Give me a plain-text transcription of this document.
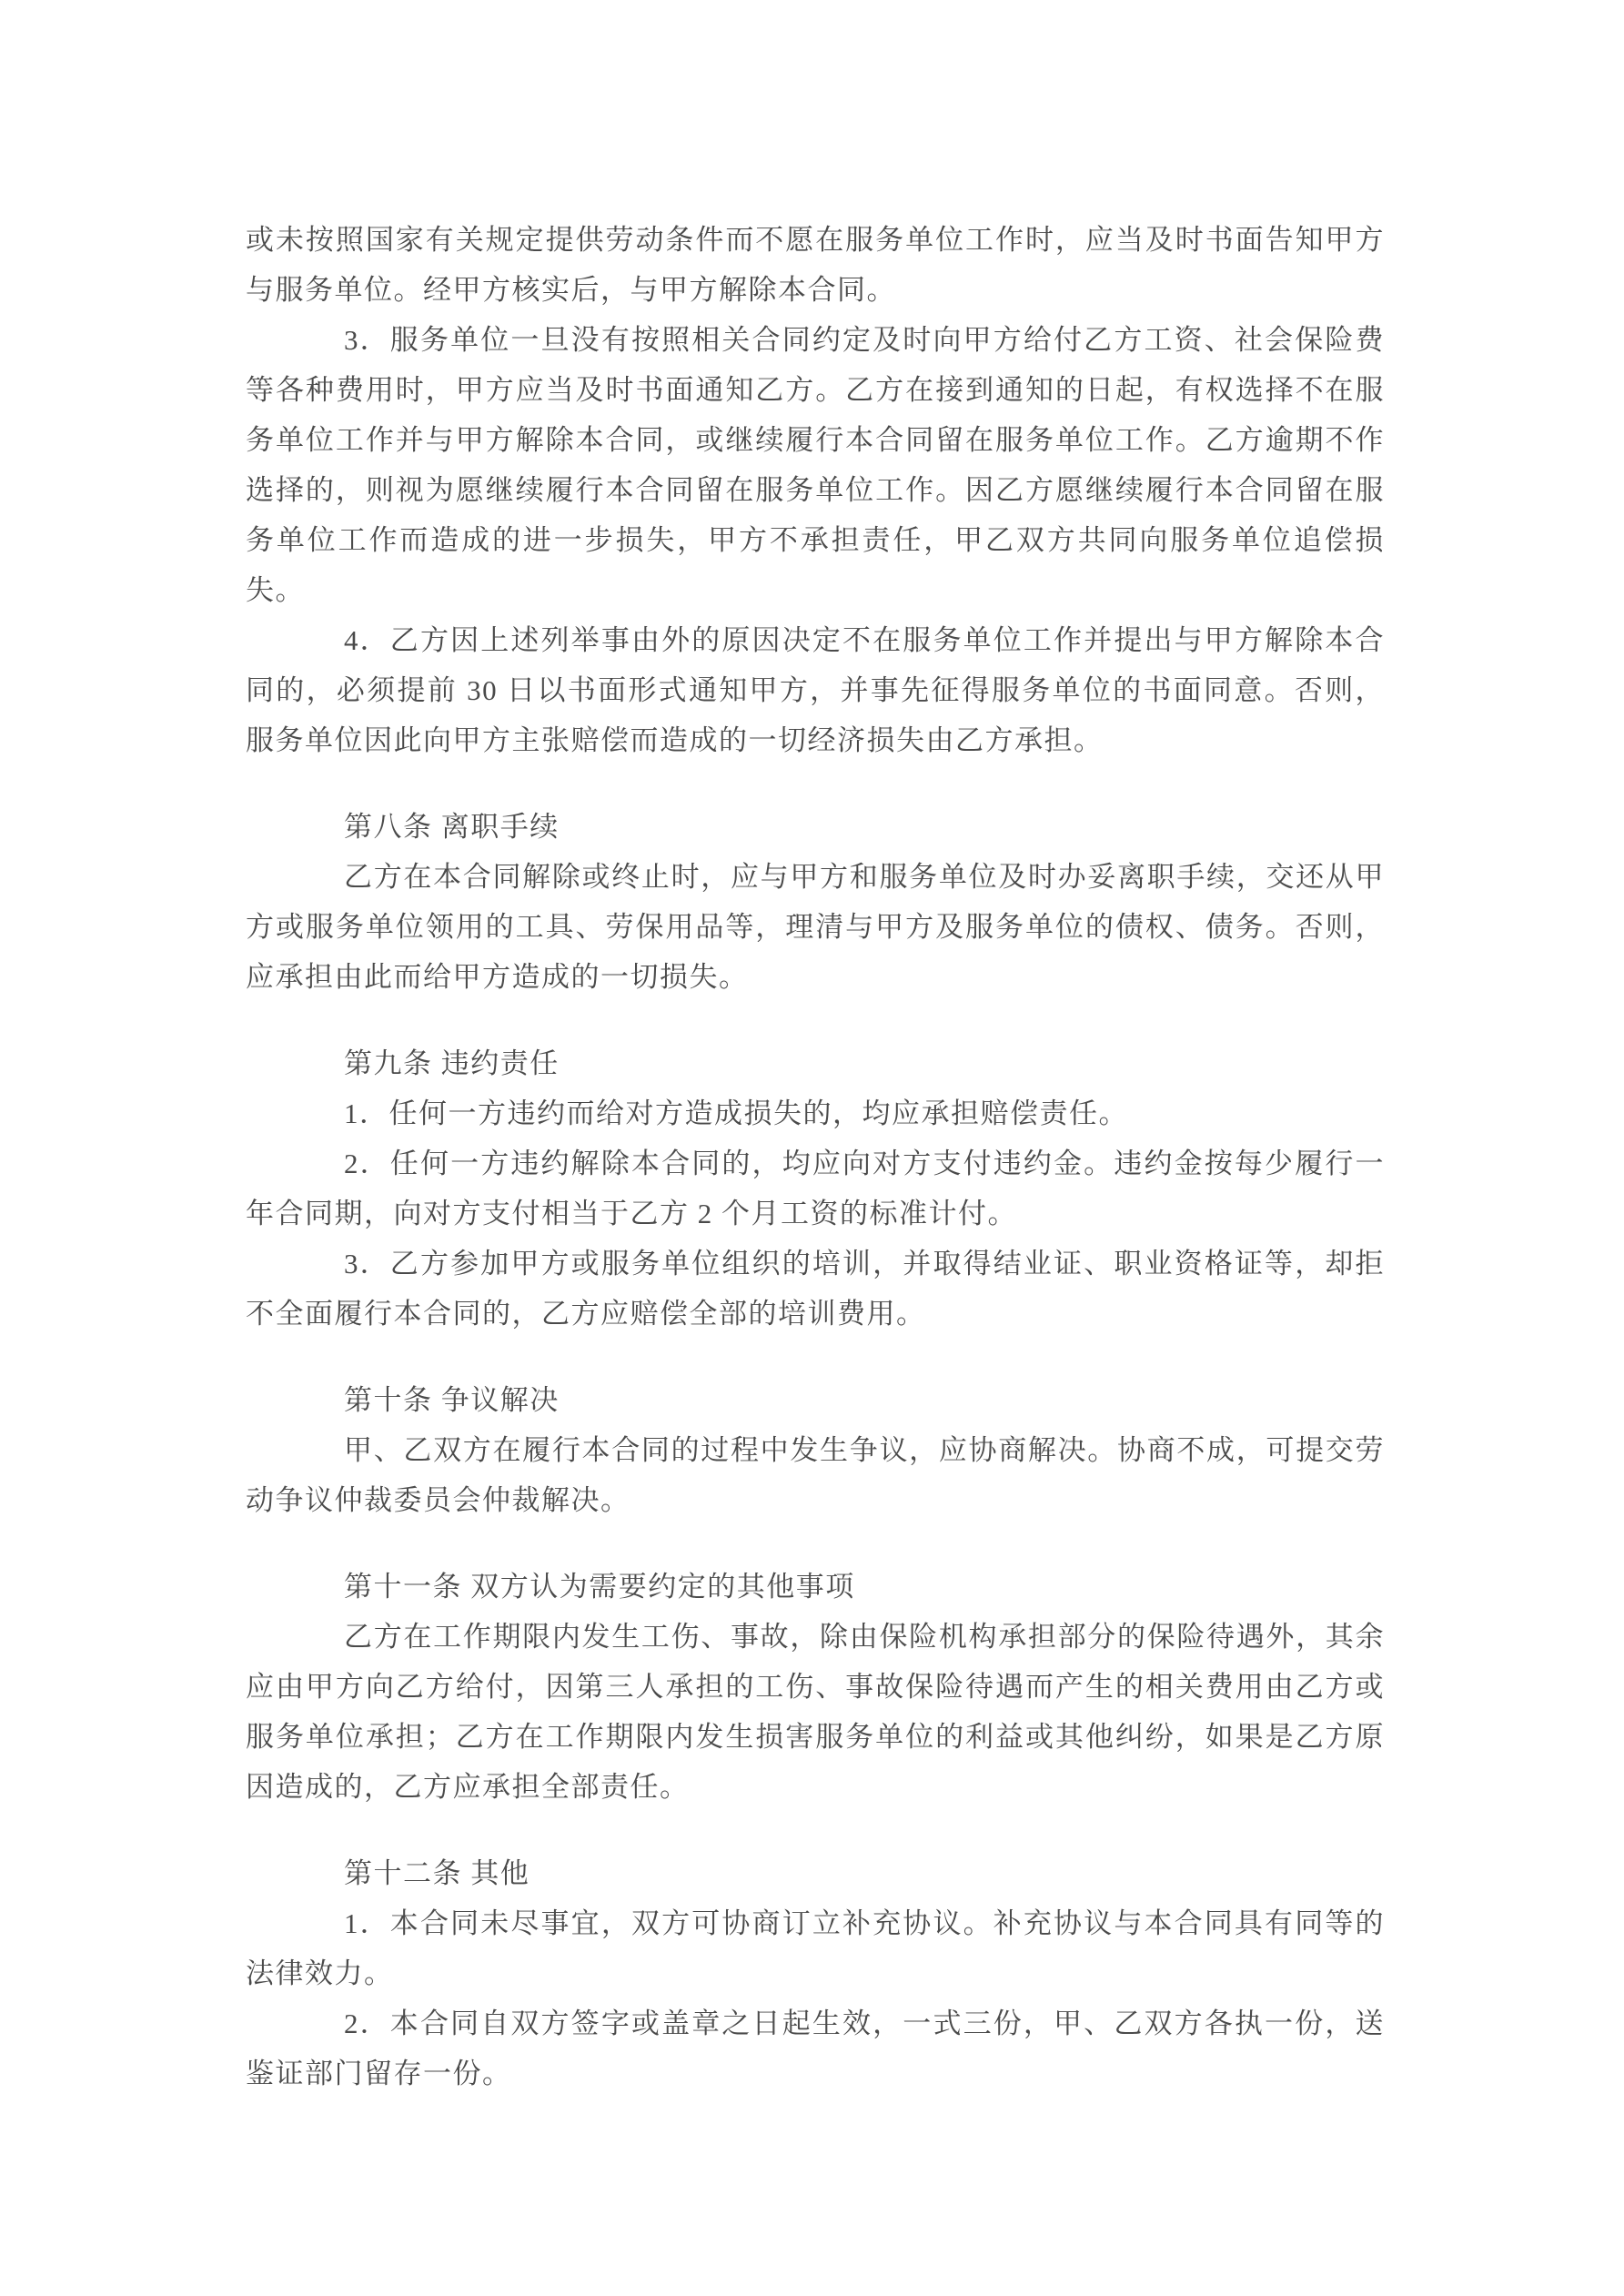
或未按照国家有关规定提供劳动条件而不愿在服务单位工作时，应当及时书面告知甲方与服务单位。经甲方核实后，与甲方解除本合同。

3．服务单位一旦没有按照相关合同约定及时向甲方给付乙方工资、社会保险费等各种费用时，甲方应当及时书面通知乙方。乙方在接到通知的日起，有权选择不在服务单位工作并与甲方解除本合同，或继续履行本合同留在服务单位工作。乙方逾期不作选择的，则视为愿继续履行本合同留在服务单位工作。因乙方愿继续履行本合同留在服务单位工作而造成的进一步损失，甲方不承担责任，甲乙双方共同向服务单位追偿损失。

4．乙方因上述列举事由外的原因决定不在服务单位工作并提出与甲方解除本合同的，必须提前 30 日以书面形式通知甲方，并事先征得服务单位的书面同意。否则，服务单位因此向甲方主张赔偿而造成的一切经济损失由乙方承担。

第八条 离职手续

乙方在本合同解除或终止时，应与甲方和服务单位及时办妥离职手续，交还从甲方或服务单位领用的工具、劳保用品等，理清与甲方及服务单位的债权、债务。否则，应承担由此而给甲方造成的一切损失。

第九条 违约责任

1．任何一方违约而给对方造成损失的，均应承担赔偿责任。

2．任何一方违约解除本合同的，均应向对方支付违约金。违约金按每少履行一年合同期，向对方支付相当于乙方 2 个月工资的标准计付。

3．乙方参加甲方或服务单位组织的培训，并取得结业证、职业资格证等，却拒不全面履行本合同的，乙方应赔偿全部的培训费用。

第十条 争议解决

甲、乙双方在履行本合同的过程中发生争议，应协商解决。协商不成，可提交劳动争议仲裁委员会仲裁解决。

第十一条 双方认为需要约定的其他事项

乙方在工作期限内发生工伤、事故，除由保险机构承担部分的保险待遇外，其余应由甲方向乙方给付，因第三人承担的工伤、事故保险待遇而产生的相关费用由乙方或服务单位承担；乙方在工作期限内发生损害服务单位的利益或其他纠纷，如果是乙方原因造成的，乙方应承担全部责任。

第十二条 其他

1．本合同未尽事宜，双方可协商订立补充协议。补充协议与本合同具有同等的法律效力。

2．本合同自双方签字或盖章之日起生效，一式三份，甲、乙双方各执一份，送鉴证部门留存一份。
